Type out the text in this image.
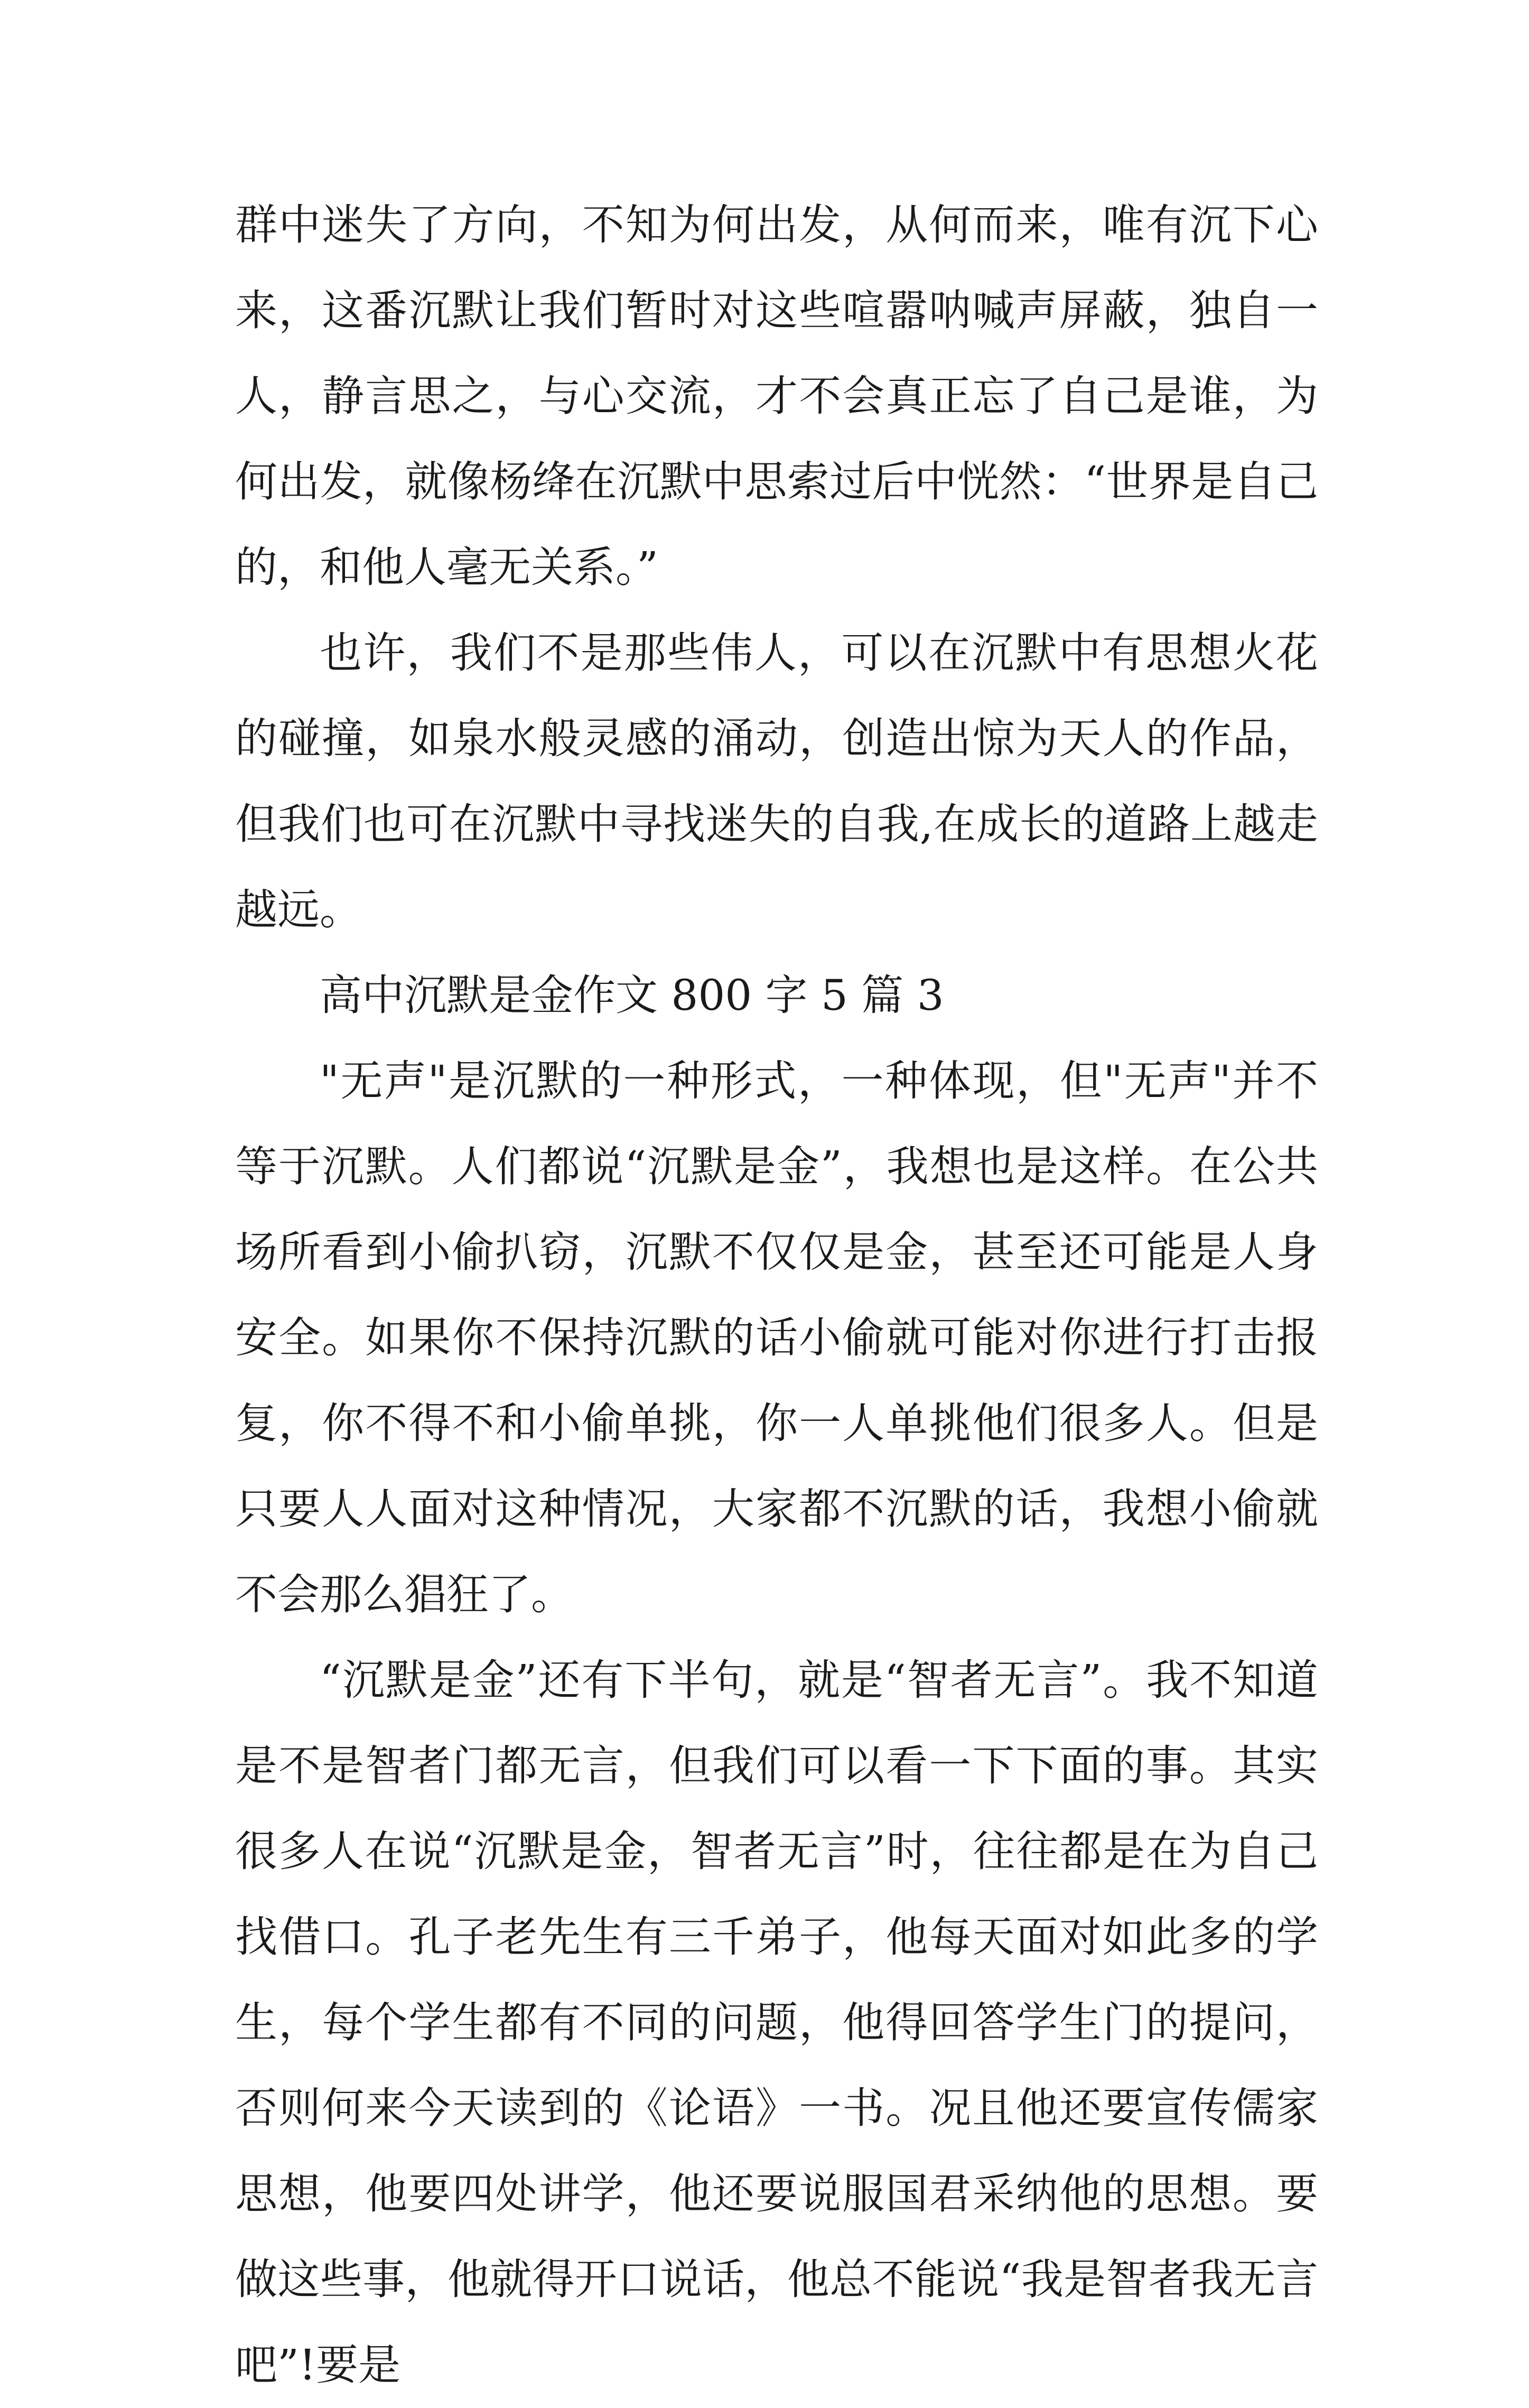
群中迷失了方向，不知为何出发，从何而来，唯有沉下心来，这番沉默让我们暂时对这些喧嚣呐喊声屏蔽，独自一人，静言思之，与心交流，才不会真正忘了自己是谁，为何出发，就像杨绛在沉默中思索过后中恍然：“世界是自己的，和他人毫无关系。”

也许，我们不是那些伟人，可以在沉默中有思想火花的碰撞，如泉水般灵感的涌动，创造出惊为天人的作品，但我们也可在沉默中寻找迷失的自我,在成长的道路上越走越远。

高中沉默是金作文 800 字 5 篇 3

"无声"是沉默的一种形式，一种体现，但"无声"并不等于沉默。人们都说“沉默是金”，我想也是这样。在公共场所看到小偷扒窃，沉默不仅仅是金，甚至还可能是人身安全。如果你不保持沉默的话小偷就可能对你进行打击报复，你不得不和小偷单挑，你一人单挑他们很多人。但是只要人人面对这种情况，大家都不沉默的话，我想小偷就不会那么猖狂了。

“沉默是金”还有下半句，就是“智者无言”。我不知道是不是智者门都无言，但我们可以看一下下面的事。其实很多人在说“沉默是金，智者无言”时，往往都是在为自己找借口。孔子老先生有三千弟子，他每天面对如此多的学生，每个学生都有不同的问题，他得回答学生门的提问，否则何来今天读到的《论语》一书。况且他还要宣传儒家思想，他要四处讲学，他还要说服国君采纳他的思想。要做这些事，他就得开口说话，他总不能说“我是智者我无言吧”!要是
